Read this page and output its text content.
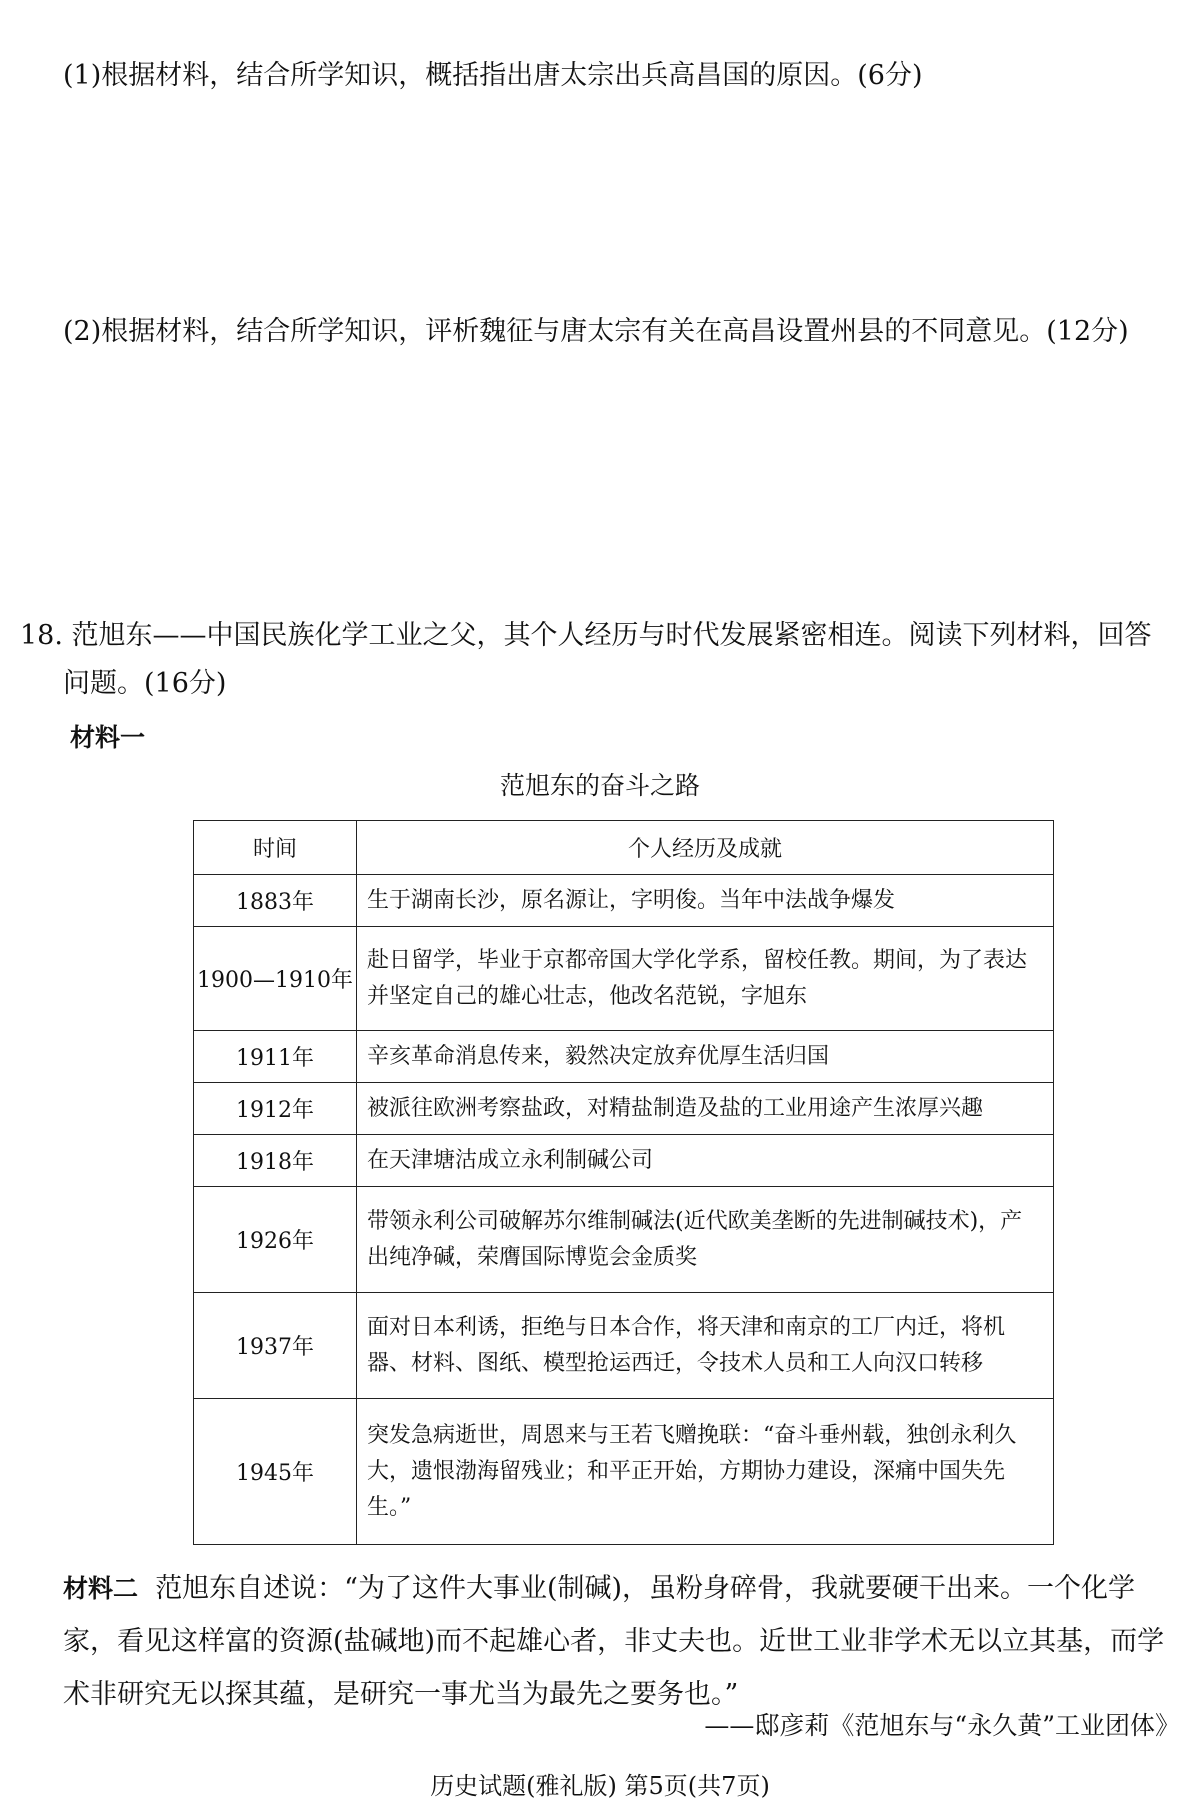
(1)根据材料，结合所学知识，概括指出唐太宗出兵高昌国的原因。(6分)
(2)根据材料，结合所学知识，评析魏征与唐太宗有关在高昌设置州县的不同意见。(12分)
18. 范旭东——中国民族化学工业之父，其个人经历与时代发展紧密相连。阅读下列材料，回答
问题。(16分)
材料一
范旭东的奋斗之路
时间	个人经历及成就
1883年	生于湖南长沙，原名源让，字明俊。当年中法战争爆发
1900—1910年	赴日留学，毕业于京都帝国大学化学系，留校任教。期间，为了表达并坚定自己的雄心壮志，他改名范锐，字旭东
1911年	辛亥革命消息传来，毅然决定放弃优厚生活归国
1912年	被派往欧洲考察盐政，对精盐制造及盐的工业用途产生浓厚兴趣
1918年	在天津塘沽成立永利制碱公司
1926年	带领永利公司破解苏尔维制碱法(近代欧美垄断的先进制碱技术)，产出纯净碱，荣膺国际博览会金质奖
1937年	面对日本利诱，拒绝与日本合作，将天津和南京的工厂内迁，将机器、材料、图纸、模型抢运西迁，令技术人员和工人向汉口转移
1945年	突发急病逝世，周恩来与王若飞赠挽联：“奋斗垂州载，独创永利久大，遗恨渤海留残业；和平正开始，方期协力建设，深痛中国失先生。”
材料二 范旭东自述说：“为了这件大事业(制碱)，虽粉身碎骨，我就要硬干出来。一个化学家，看见这样富的资源(盐碱地)而不起雄心者，非丈夫也。近世工业非学术无以立其基，而学术非研究无以探其蕴，是研究一事尤当为最先之要务也。”
——邸彦莉《范旭东与“永久黄”工业团体》
历史试题(雅礼版) 第5页(共7页)
